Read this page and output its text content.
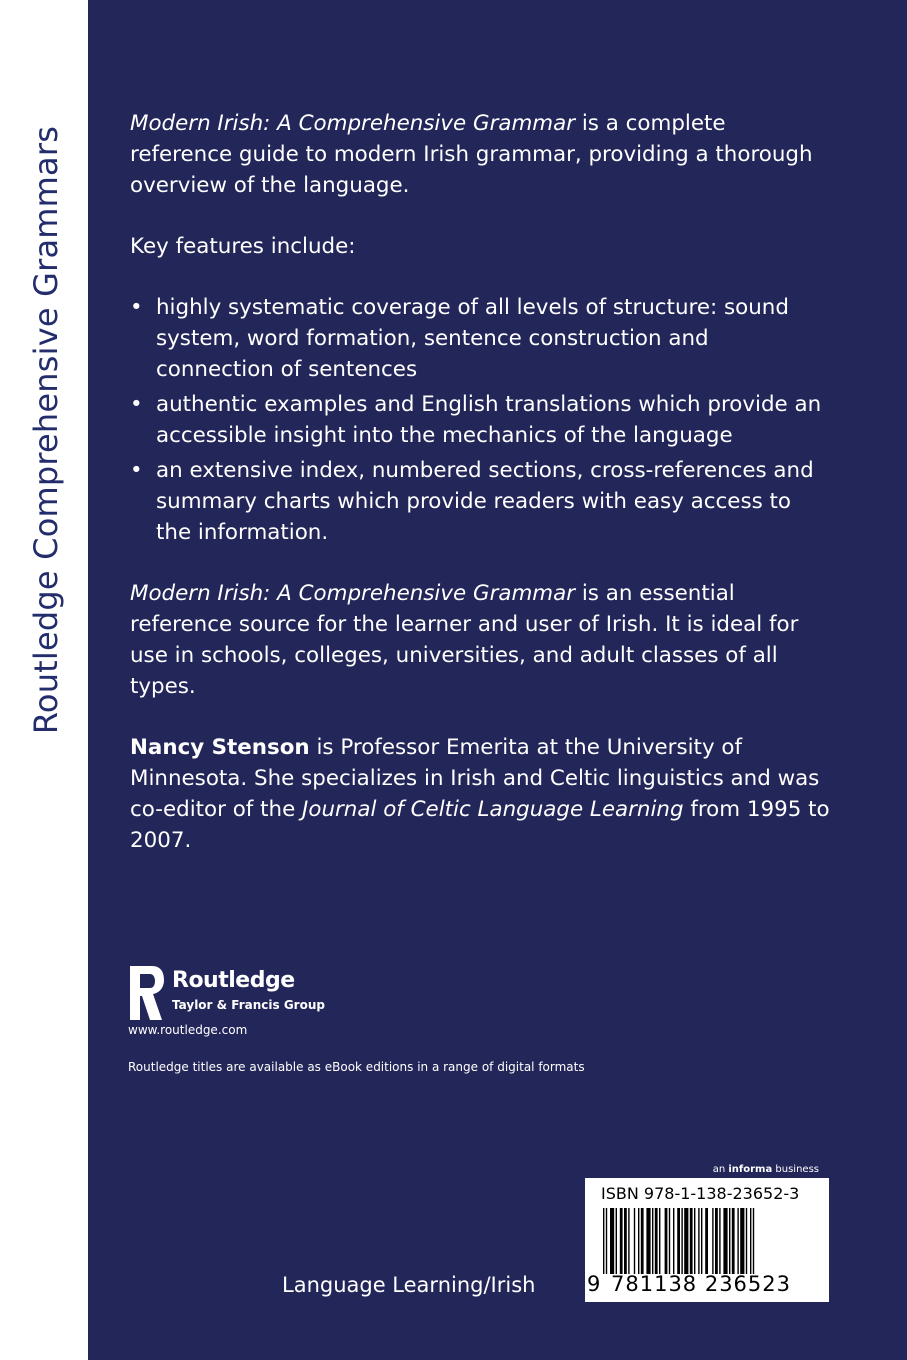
Routledge Comprehensive Grammars

Modern Irish: A Comprehensive Grammar is a complete reference guide to modern Irish grammar, providing a thorough overview of the language.

Key features include:

• highly systematic coverage of all levels of structure: sound system, word formation, sentence construction and connection of sentences
• authentic examples and English translations which provide an accessible insight into the mechanics of the language
• an extensive index, numbered sections, cross-references and summary charts which provide readers with easy access to the information.

Modern Irish: A Comprehensive Grammar is an essential reference source for the learner and user of Irish. It is ideal for use in schools, colleges, universities, and adult classes of all types.

Nancy Stenson is Professor Emerita at the University of Minnesota. She specializes in Irish and Celtic linguistics and was co-editor of the Journal of Celtic Language Learning from 1995 to 2007.

Routledge
Taylor & Francis Group
www.routledge.com
Routledge titles are available as eBook editions in a range of digital formats
an informa business
Language Learning/Irish
ISBN 978-1-138-23652-3
9 781138 236523
